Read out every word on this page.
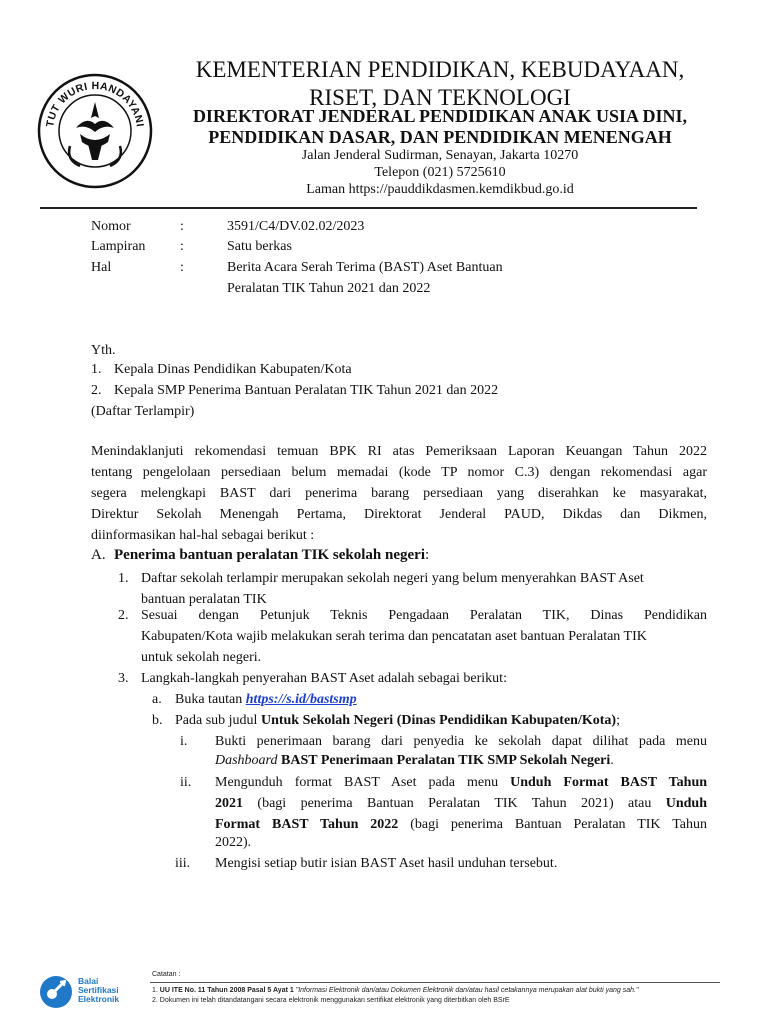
TUT WURI HANDAYANI
KEMENTERIAN PENDIDIKAN, KEBUDAYAAN,
RISET, DAN TEKNOLOGI
DIREKTORAT JENDERAL PENDIDIKAN ANAK USIA DINI,
PENDIDIKAN DASAR, DAN PENDIDIKAN MENENGAH
Jalan Jenderal Sudirman, Senayan, Jakarta 10270
Telepon (021) 5725610
Laman https://pauddikdasmen.kemdikbud.go.id
Nomor	:	3591/C4/DV.02.02/2023
Lampiran :	Satu berkas
Hal	:	Berita Acara Serah Terima (BAST) Aset Bantuan
Peralatan TIK Tahun 2021 dan 2022
Yth.
1. Kepala Dinas Pendidikan Kabupaten/Kota
2. Kepala SMP Penerima Bantuan Peralatan TIK Tahun 2021 dan 2022
(Daftar Terlampir)
Menindaklanjuti rekomendasi temuan BPK RI atas Pemeriksaan Laporan Keuangan Tahun 2022
tentang pengelolaan persediaan belum memadai (kode TP nomor C.3) dengan rekomendasi agar
segera melengkapi BAST dari penerima barang persediaan yang diserahkan ke masyarakat,
Direktur Sekolah Menengah Pertama, Direktorat Jenderal PAUD, Dikdas dan Dikmen,
diinformasikan hal-hal sebagai berikut :
A. Penerima bantuan peralatan TIK sekolah negeri:
1. Daftar sekolah terlampir merupakan sekolah negeri yang belum menyerahkan BAST Aset
bantuan peralatan TIK
2. Sesuai dengan Petunjuk Teknis Pengadaan Peralatan TIK, Dinas Pendidikan
Kabupaten/Kota wajib melakukan serah terima dan pencatatan aset bantuan Peralatan TIK
untuk sekolah negeri.
3. Langkah-langkah penyerahan BAST Aset adalah sebagai berikut:
a. Buka tautan https://s.id/bastsmp
b. Pada sub judul Untuk Sekolah Negeri (Dinas Pendidikan Kabupaten/Kota);
i. Bukti penerimaan barang dari penyedia ke sekolah dapat dilihat pada menu
Dashboard BAST Penerimaan Peralatan TIK SMP Sekolah Negeri.
ii. Mengunduh format BAST Aset pada menu Unduh Format BAST Tahun
2021 (bagi penerima Bantuan Peralatan TIK Tahun 2021) atau Unduh
Format BAST Tahun 2022 (bagi penerima Bantuan Peralatan TIK Tahun
2022).
iii. Mengisi setiap butir isian BAST Aset hasil unduhan tersebut.
Balai
Sertifikasi
Elektronik
Catatan :
1. UU ITE No. 11 Tahun 2008 Pasal 5 Ayat 1 "Informasi Elektronik dan/atau Dokumen Elektronik dan/atau hasil cetakannya merupakan alat bukti yang sah."
2. Dokumen ini telah ditandatangani secara elektronik menggunakan sertifikat elektronik yang diterbitkan oleh BSrE
